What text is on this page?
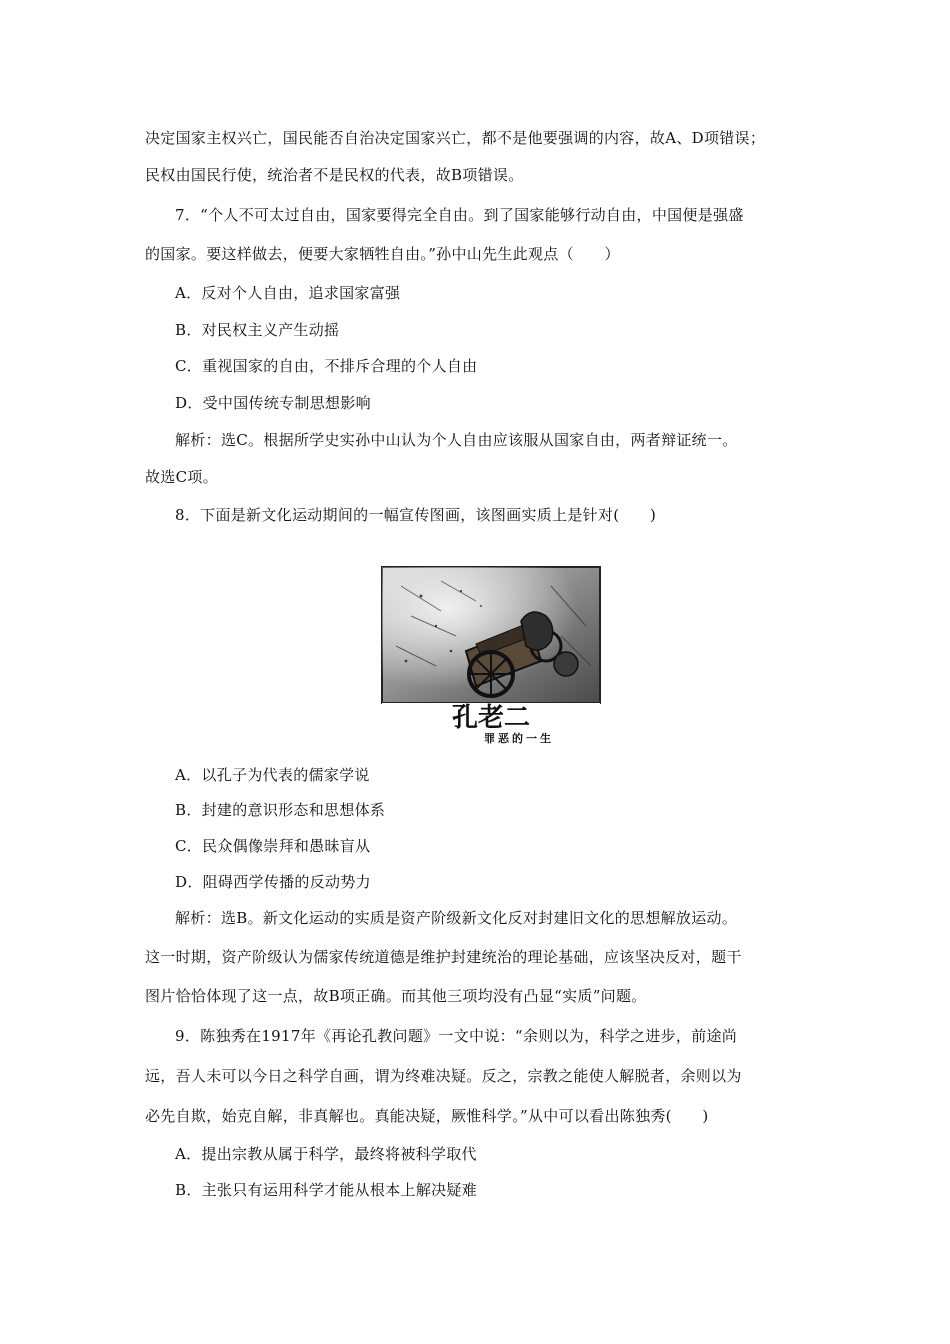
决定国家主权兴亡，国民能否自治决定国家兴亡，都不是他要强调的内容，故A、D项错误；
民权由国民行使，统治者不是民权的代表，故B项错误。
7．“个人不可太过自由，国家要得完全自由。到了国家能够行动自由，中国便是强盛
的国家。要这样做去，便要大家牺牲自由。”孙中山先生此观点（　　）
A．反对个人自由，追求国家富强
B．对民权主义产生动摇
C．重视国家的自由，不排斥合理的个人自由
D．受中国传统专制思想影响
解析：选C。根据所学史实孙中山认为个人自由应该服从国家自由，两者辩证统一。
故选C项。
8．下面是新文化运动期间的一幅宣传图画，该图画实质上是针对(　　)
孔老二
罪恶的一生
A．以孔子为代表的儒家学说
B．封建的意识形态和思想体系
C．民众偶像崇拜和愚昧盲从
D．阻碍西学传播的反动势力
解析：选B。新文化运动的实质是资产阶级新文化反对封建旧文化的思想解放运动。
这一时期，资产阶级认为儒家传统道德是维护封建统治的理论基础，应该坚决反对，题干
图片恰恰体现了这一点，故B项正确。而其他三项均没有凸显“实质”问题。
9．陈独秀在1917年《再论孔教问题》一文中说：“余则以为，科学之进步，前途尚
远，吾人未可以今日之科学自画，谓为终难决疑。反之，宗教之能使人解脱者，余则以为
必先自欺，始克自解，非真解也。真能决疑，厥惟科学。”从中可以看出陈独秀(　　)
A．提出宗教从属于科学，最终将被科学取代
B．主张只有运用科学才能从根本上解决疑难
